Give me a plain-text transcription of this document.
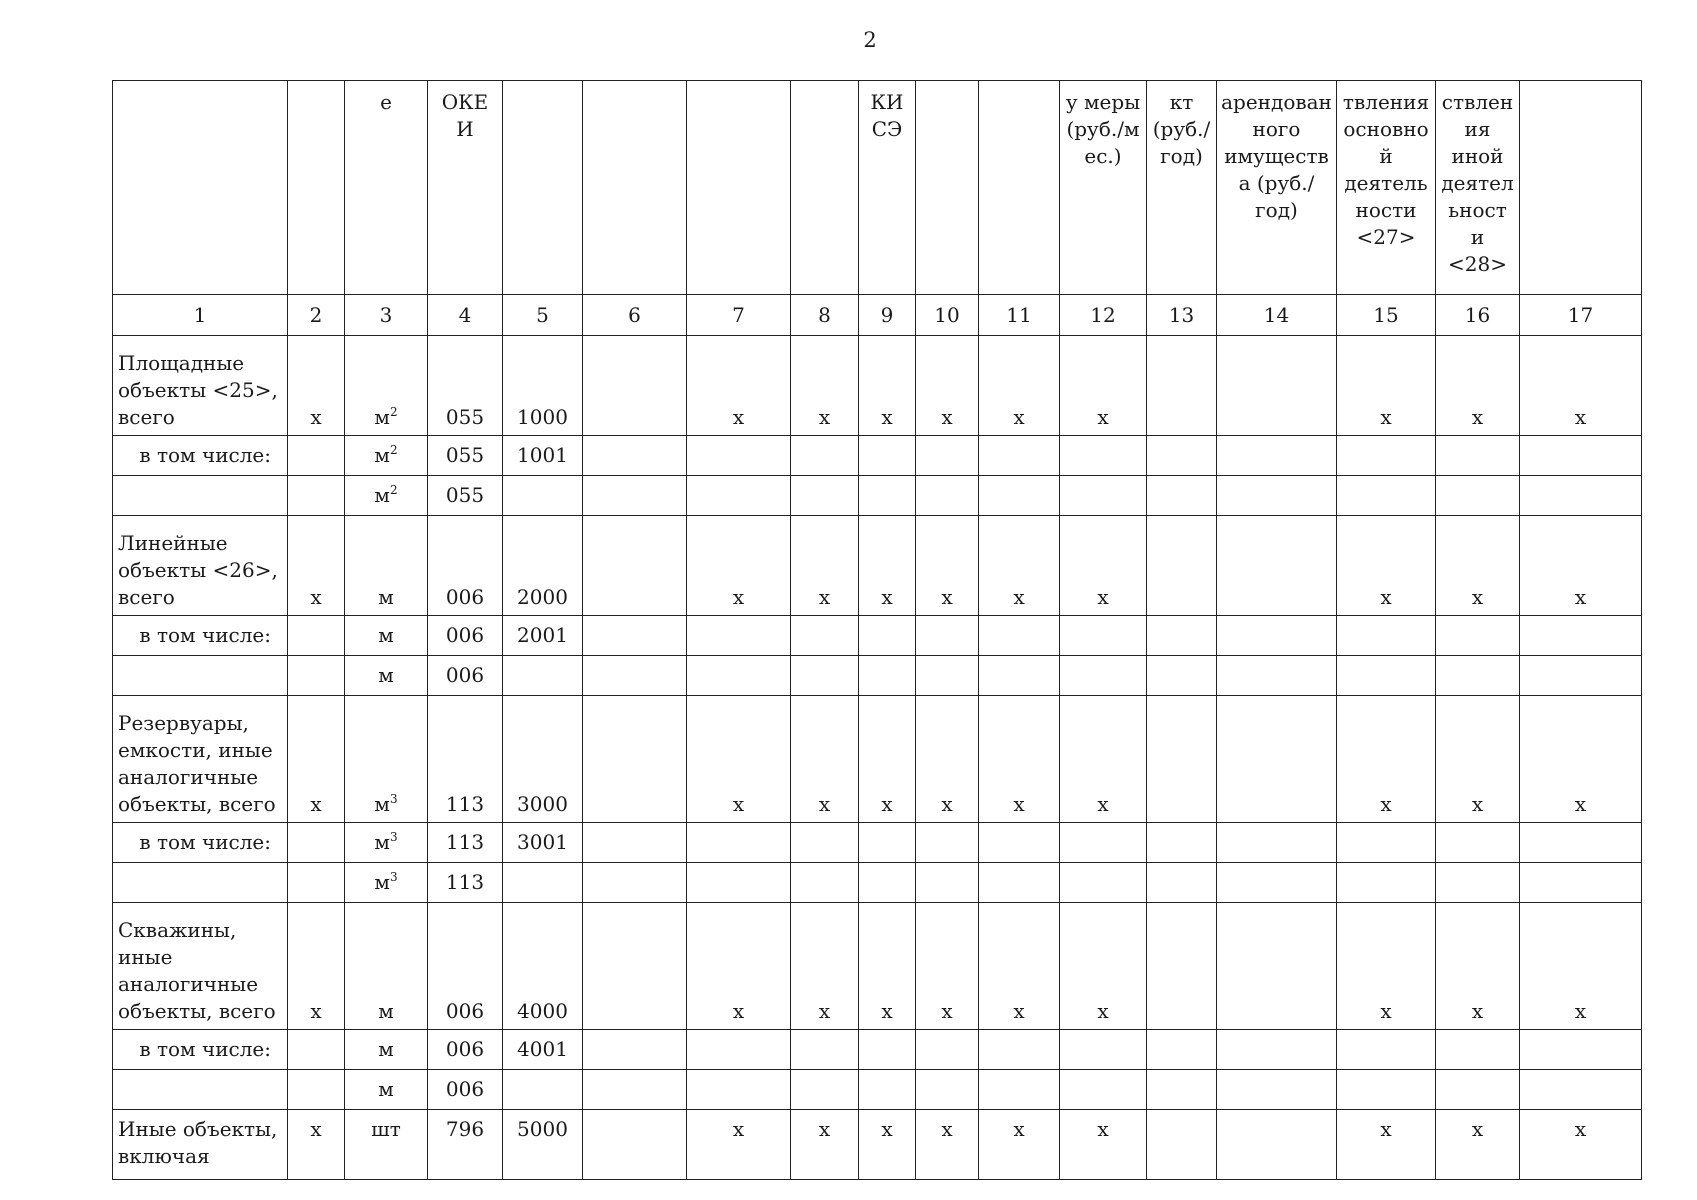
2
		е	ОКЕ И					КИ СЭ			у меры (руб./м ес.)	кт (руб./ год)	арендован ного имуществ а (руб./год)	твления основно й деятель ности <27>	ствлен ия иной деятел ьност и <28>	
1	2	3	4	5	6	7	8	9	10	11	12	13	14	15	16	17
Площадные объекты <25>, всего	х	$м^2$	055	1000		х	х	х	х	х	х			х	х	х
в том числе:		$м^2$	055	1001												
		$м^2$	055													
Линейные объекты <26>, всего	х	м	006	2000		х	х	х	х	х	х			х	х	х
в том числе:		м	006	2001												
		м	006													
Резервуары, емкости, иные аналогичные объекты, всего	х	$м^3$	113	3000		х	х	х	х	х	х			х	х	х
в том числе:		$м^3$	113	3001												
		$м^3$	113													
Скважины, иные аналогичные объекты, всего	х	м	006	4000		х	х	х	х	х	х			х	х	х
в том числе:		м	006	4001												
		м	006													
Иные объекты, включая	х	шт	796	5000		х	х	х	х	х	х			х	х	х
